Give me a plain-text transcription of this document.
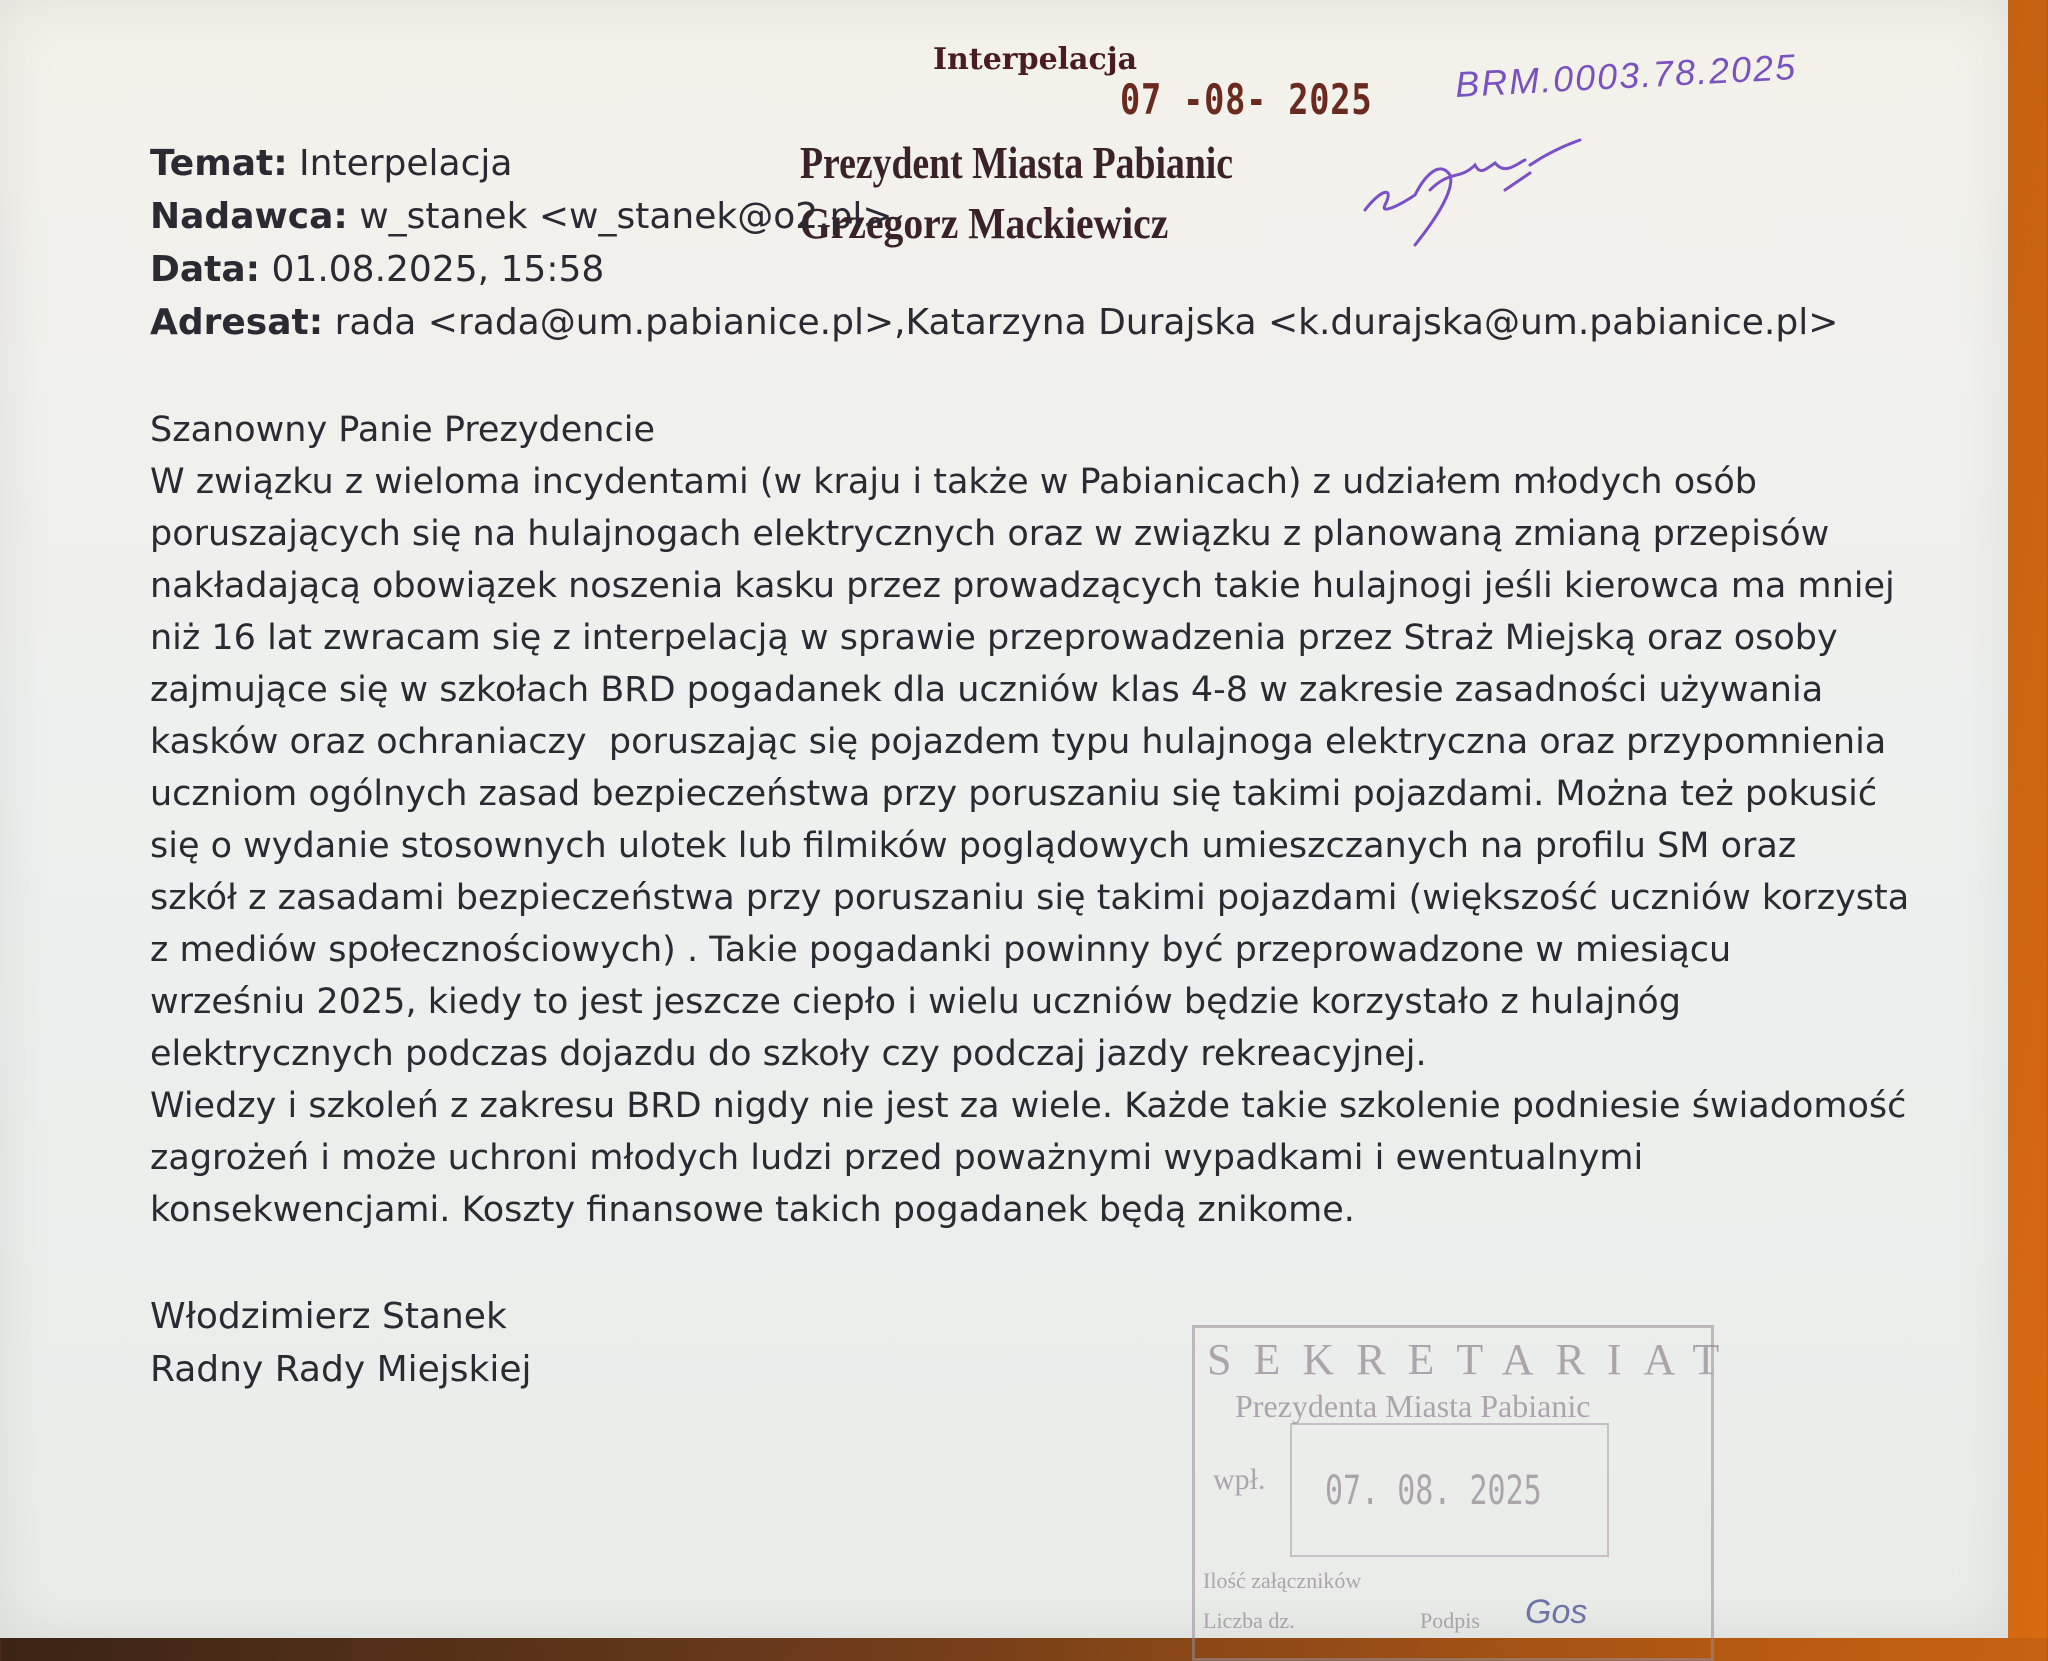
Interpelacja
07 -08- 2025 BRM.0003.78.2025
Prezydent Miasta Pabianic
Grzegorz Mackiewicz
Temat: Interpelacja
Nadawca: w_stanek <w_stanek@o2.pl>
Data: 01.08.2025, 15:58
Adresat: rada <rada@um.pabianice.pl>,Katarzyna Durajska <k.durajska@um.pabianice.pl>
Szanowny Panie Prezydencie
W związku z wieloma incydentami (w kraju i także w Pabianicach) z udziałem młodych osób
poruszających się na hulajnogach elektrycznych oraz w związku z planowaną zmianą przepisów
nakładającą obowiązek noszenia kasku przez prowadzących takie hulajnogi jeśli kierowca ma mniej
niż 16 lat zwracam się z interpelacją w sprawie przeprowadzenia przez Straż Miejską oraz osoby
zajmujące się w szkołach BRD pogadanek dla uczniów klas 4-8 w zakresie zasadności używania
kasków oraz ochraniaczy  poruszając się pojazdem typu hulajnoga elektryczna oraz przypomnienia
uczniom ogólnych zasad bezpieczeństwa przy poruszaniu się takimi pojazdami. Można też pokusić
się o wydanie stosownych ulotek lub filmików poglądowych umieszczanych na profilu SM oraz
szkół z zasadami bezpieczeństwa przy poruszaniu się takimi pojazdami (większość uczniów korzysta
z mediów społecznościowych) . Takie pogadanki powinny być przeprowadzone w miesiącu
wrześniu 2025, kiedy to jest jeszcze ciepło i wielu uczniów będzie korzystało z hulajnóg
elektrycznych podczas dojazdu do szkoły czy podczaj jazdy rekreacyjnej.
Wiedzy i szkoleń z zakresu BRD nigdy nie jest za wiele. Każde takie szkolenie podniesie świadomość
zagrożeń i może uchroni młodych ludzi przed poważnymi wypadkami i ewentualnymi
konsekwencjami. Koszty finansowe takich pogadanek będą znikome.
Włodzimierz Stanek
Radny Rady Miejskiej	SEKRETARIAT
Prezydenta Miasta Pabianic
wpł. 07. 08. 2025
Ilość załączników
Liczba dz.	Podpis Gos
